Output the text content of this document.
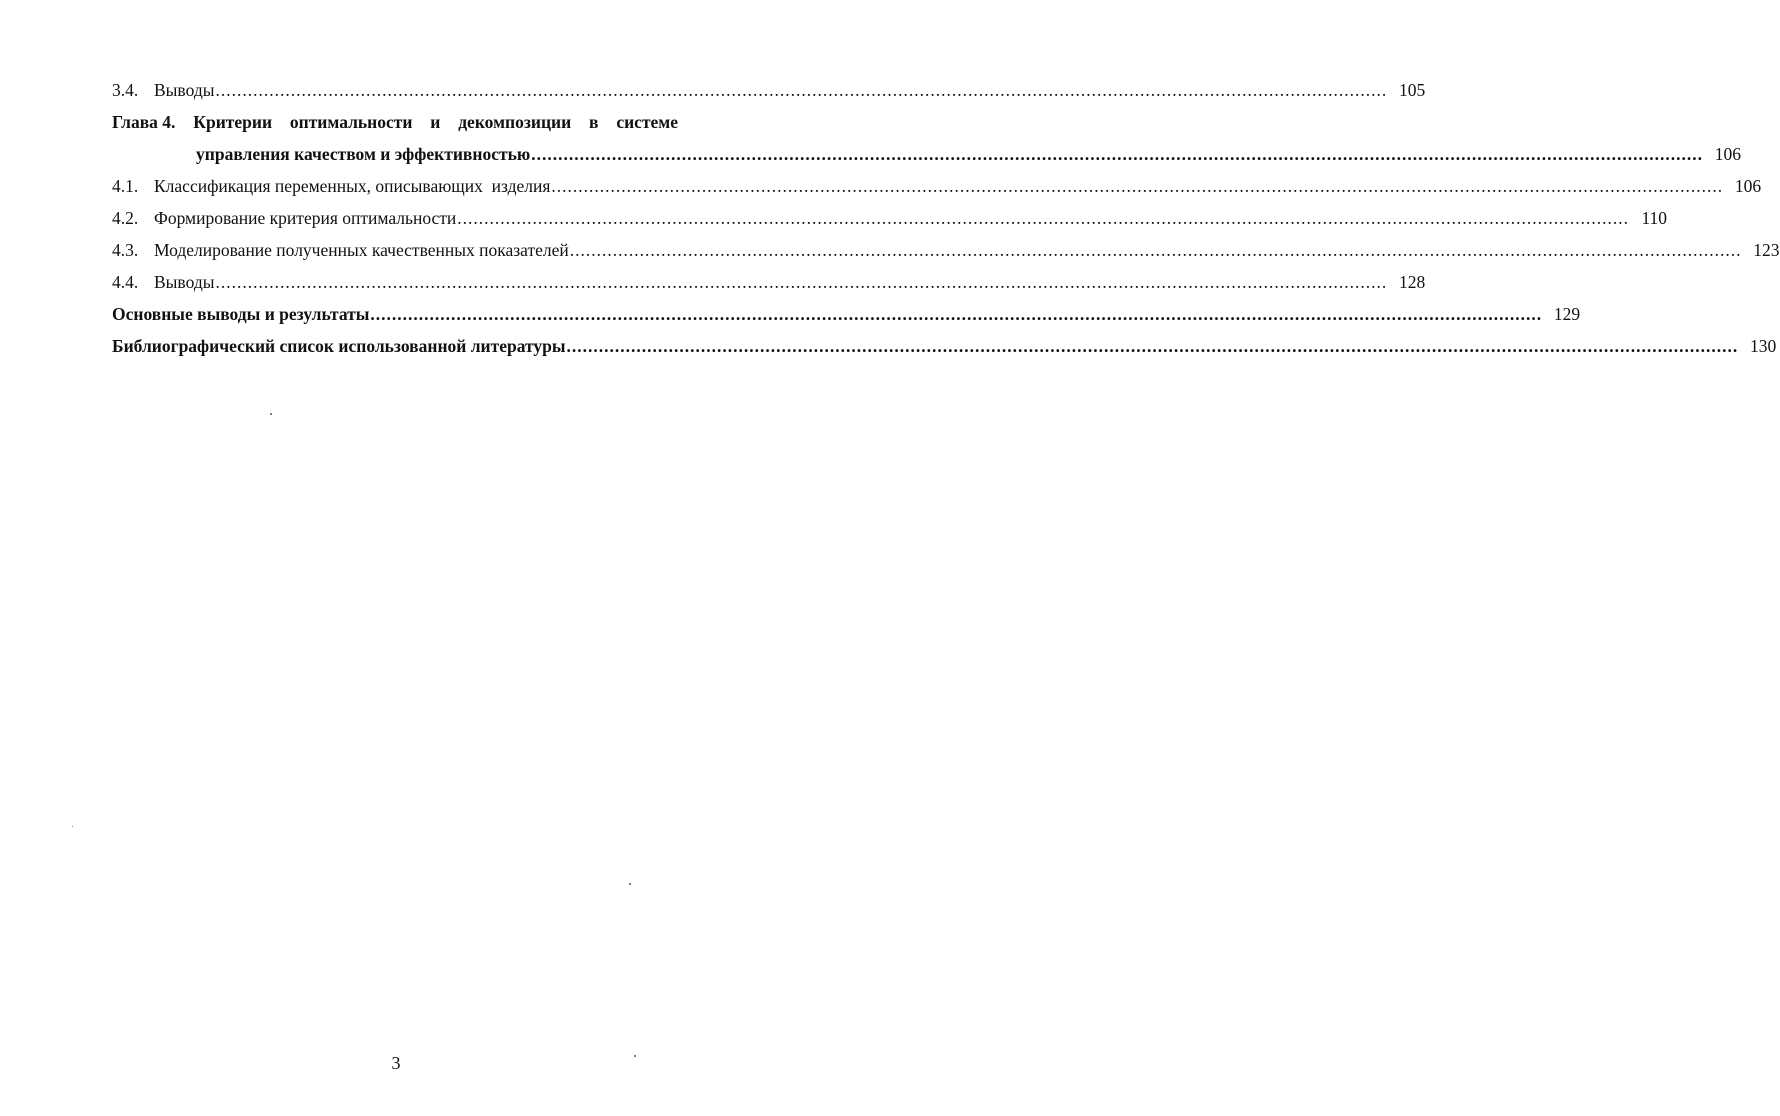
3.4. Выводы .....	105
Глава 4. Критерии оптимальности и декомпозиции в системе
управления качеством и эффективностью .....	106
4.1. Классификация переменных, описывающих  изделия .....	106
4.2. Формирование критерия оптимальности .....	110
4.3. Моделирование полученных качественных показателей .....	123
4.4. Выводы .....	128
Основные выводы и результаты .....	129
Библиографический список использованной литературы .....	130
3
